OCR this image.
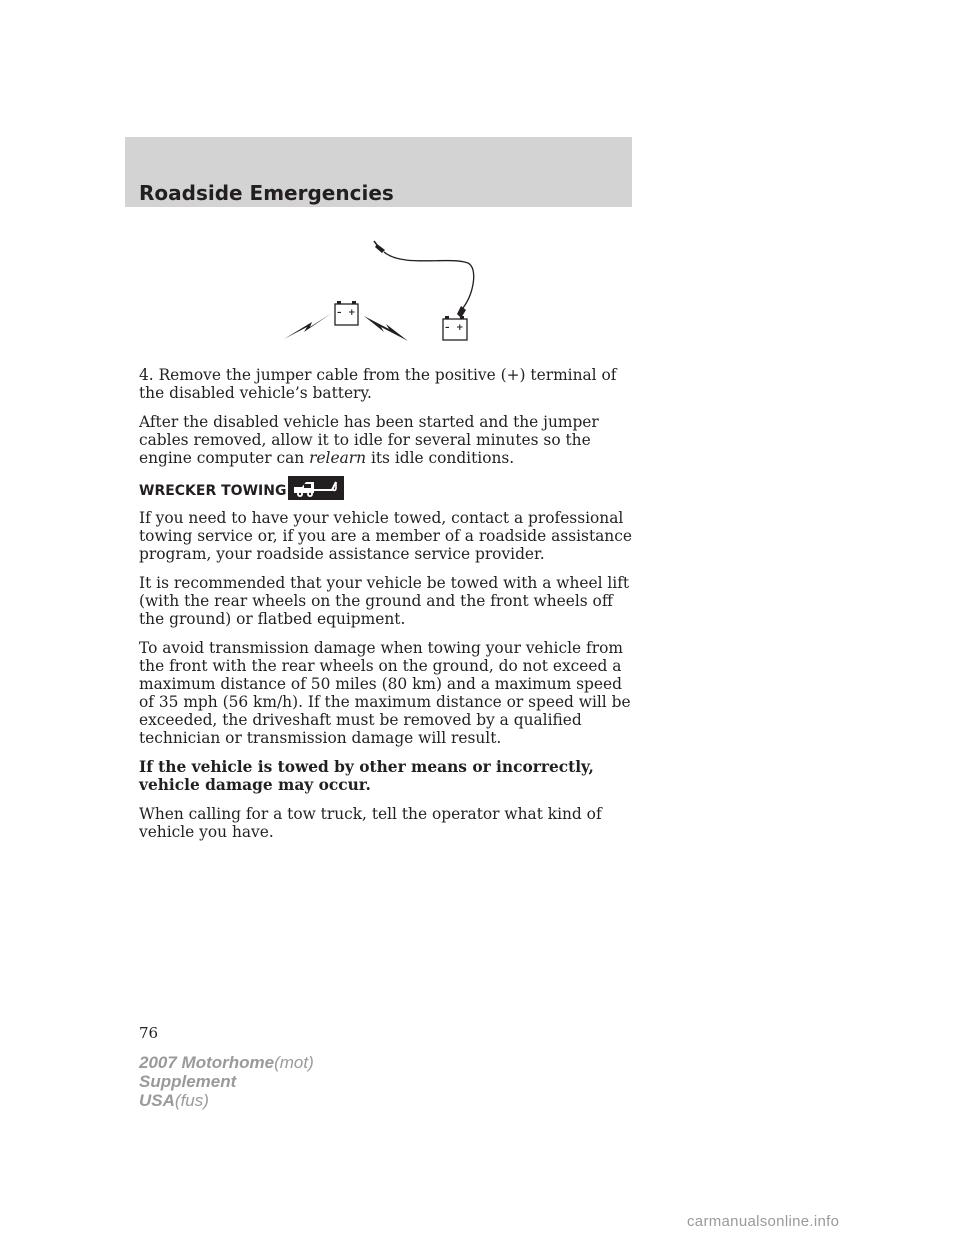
Roadside Emergencies
– +
– +

4. Remove the jumper cable from the positive (+) terminal of the disabled vehicle’s battery.

After the disabled vehicle has been started and the jumper cables removed, allow it to idle for several minutes so the engine computer can relearn its idle conditions.

WRECKER TOWING

If you need to have your vehicle towed, contact a professional towing service or, if you are a member of a roadside assistance program, your roadside assistance service provider.

It is recommended that your vehicle be towed with a wheel lift (with the rear wheels on the ground and the front wheels off the ground) or flatbed equipment.

To avoid transmission damage when towing your vehicle from the front with the rear wheels on the ground, do not exceed a maximum distance of 50 miles (80 km) and a maximum speed of 35 mph (56 km/h). If the maximum distance or speed will be exceeded, the driveshaft must be removed by a qualified technician or transmission damage will result.

If the vehicle is towed by other means or incorrectly, vehicle damage may occur.

When calling for a tow truck, tell the operator what kind of vehicle you have.

76
2007 Motorhome(mot)
Supplement
USA(fus)
carmanualsonline.info
